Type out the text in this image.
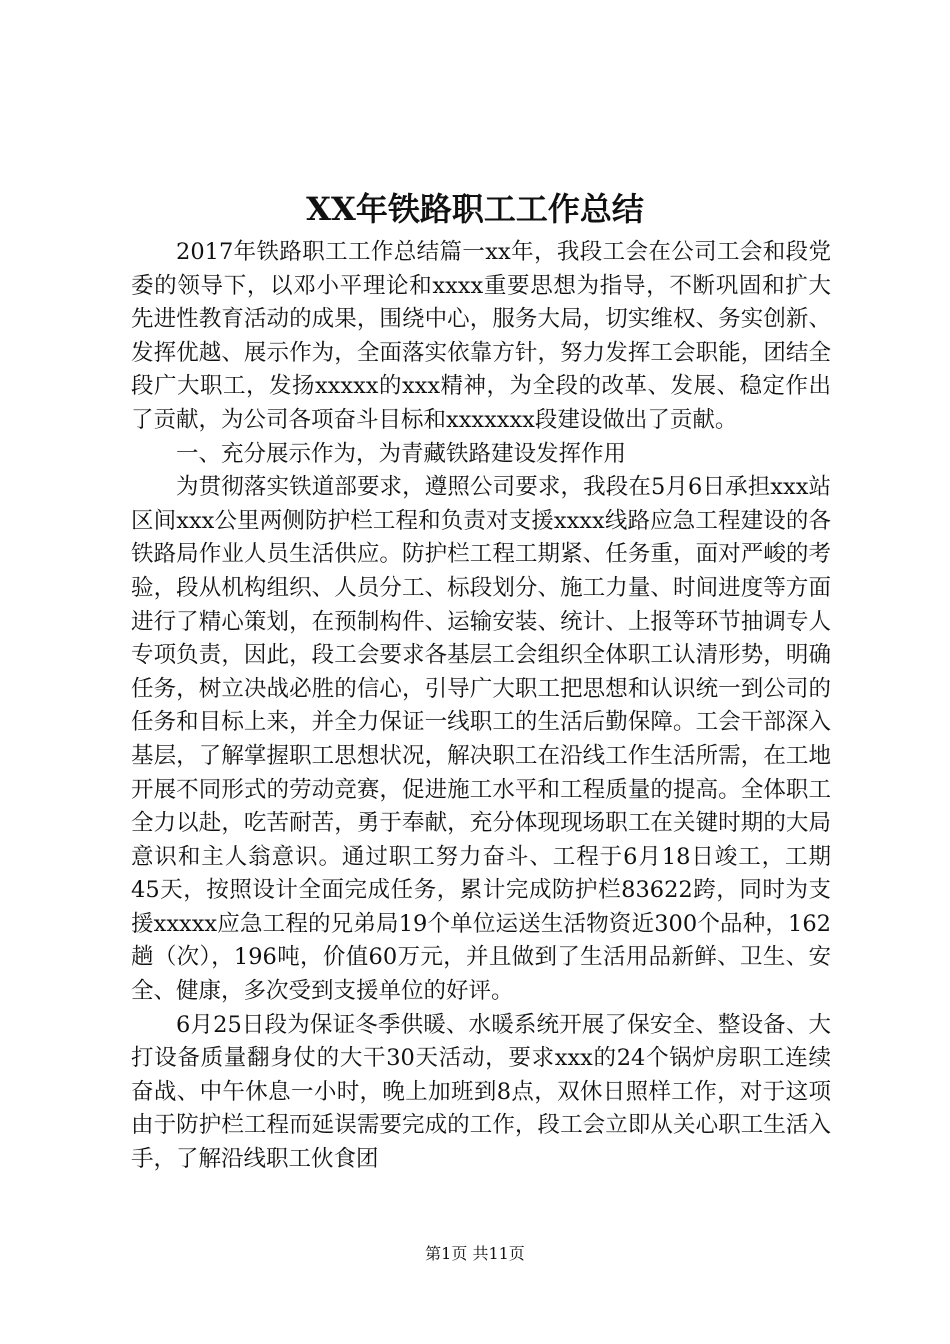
XX年铁路职工工作总结

2017年铁路职工工作总结篇一xx年，我段工会在公司工会和段党委的领导下，以邓小平理论和xxxx重要思想为指导，不断巩固和扩大先进性教育活动的成果，围绕中心，服务大局，切实维权、务实创新、发挥优越、展示作为，全面落实依靠方针，努力发挥工会职能，团结全段广大职工，发扬xxxxx的xxx精神，为全段的改革、发展、稳定作出了贡献，为公司各项奋斗目标和xxxxxxx段建设做出了贡献。

一、充分展示作为，为青藏铁路建设发挥作用

为贯彻落实铁道部要求，遵照公司要求，我段在5月6日承担xxx站区间xxx公里两侧防护栏工程和负责对支援xxxx线路应急工程建设的各铁路局作业人员生活供应。防护栏工程工期紧、任务重，面对严峻的考验，段从机构组织、人员分工、标段划分、施工力量、时间进度等方面进行了精心策划，在预制构件、运输安装、统计、上报等环节抽调专人专项负责，因此，段工会要求各基层工会组织全体职工认清形势，明确任务，树立决战必胜的信心，引导广大职工把思想和认识统一到公司的任务和目标上来，并全力保证一线职工的生活后勤保障。工会干部深入基层，了解掌握职工思想状况，解决职工在沿线工作生活所需，在工地开展不同形式的劳动竞赛，促进施工水平和工程质量的提高。全体职工全力以赴，吃苦耐苦，勇于奉献，充分体现现场职工在关键时期的大局意识和主人翁意识。通过职工努力奋斗、工程于6月18日竣工，工期45天，按照设计全面完成任务，累计完成防护栏83622跨，同时为支援xxxxx应急工程的兄弟局19个单位运送生活物资近300个品种，162趟（次），196吨，价值60万元，并且做到了生活用品新鲜、卫生、安全、健康，多次受到支援单位的好评。

6月25日段为保证冬季供暖、水暖系统开展了保安全、整设备、大打设备质量翻身仗的大干30天活动，要求xxx的24个锅炉房职工连续奋战、中午休息一小时，晚上加班到8点，双休日照样工作，对于这项由于防护栏工程而延误需要完成的工作，段工会立即从关心职工生活入手，了解沿线职工伙食团

第1页 共11页
